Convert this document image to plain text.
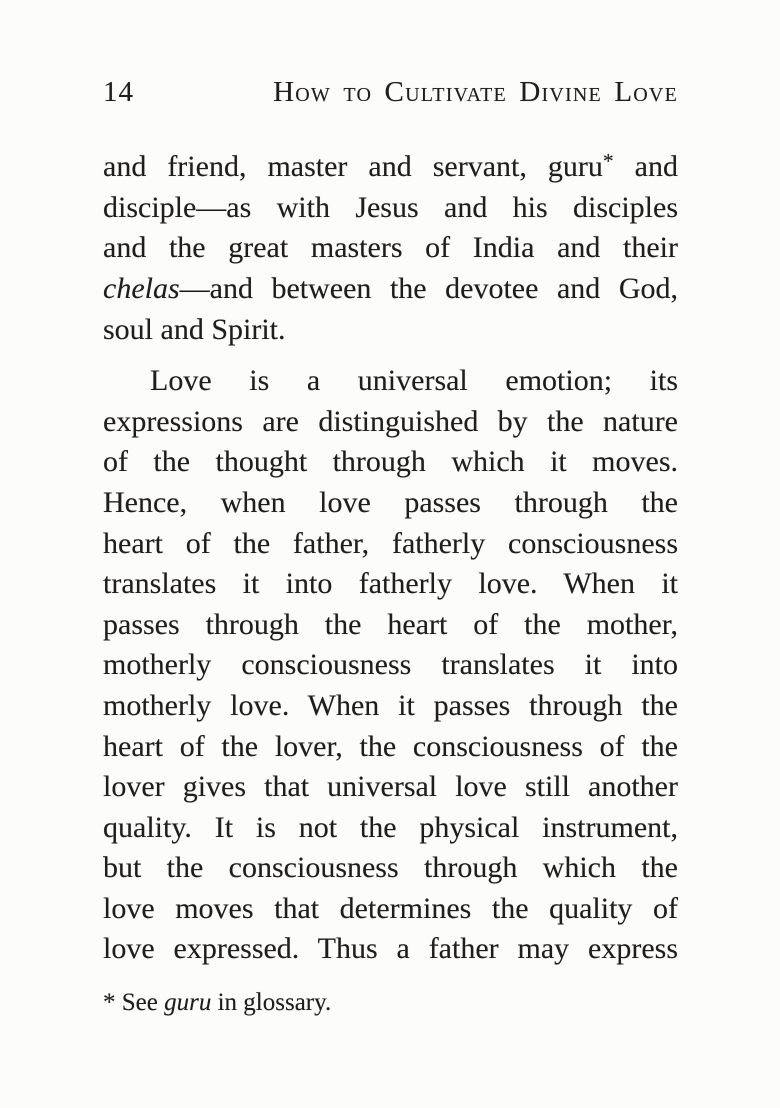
14	How to Cultivate Divine Love
and friend, master and servant, guru* and
disciple—as with Jesus and his disciples
and the great masters of India and their
chelas—and between the devotee and God,
soul and Spirit.
Love is a universal emotion; its
expressions are distinguished by the nature
of the thought through which it moves.
Hence, when love passes through the
heart of the father, fatherly consciousness
translates it into fatherly love. When it
passes through the heart of the mother,
motherly consciousness translates it into
motherly love. When it passes through the
heart of the lover, the consciousness of the
lover gives that universal love still another
quality. It is not the physical instrument,
but the consciousness through which the
love moves that determines the quality of
love expressed. Thus a father may express
* See guru in glossary.
